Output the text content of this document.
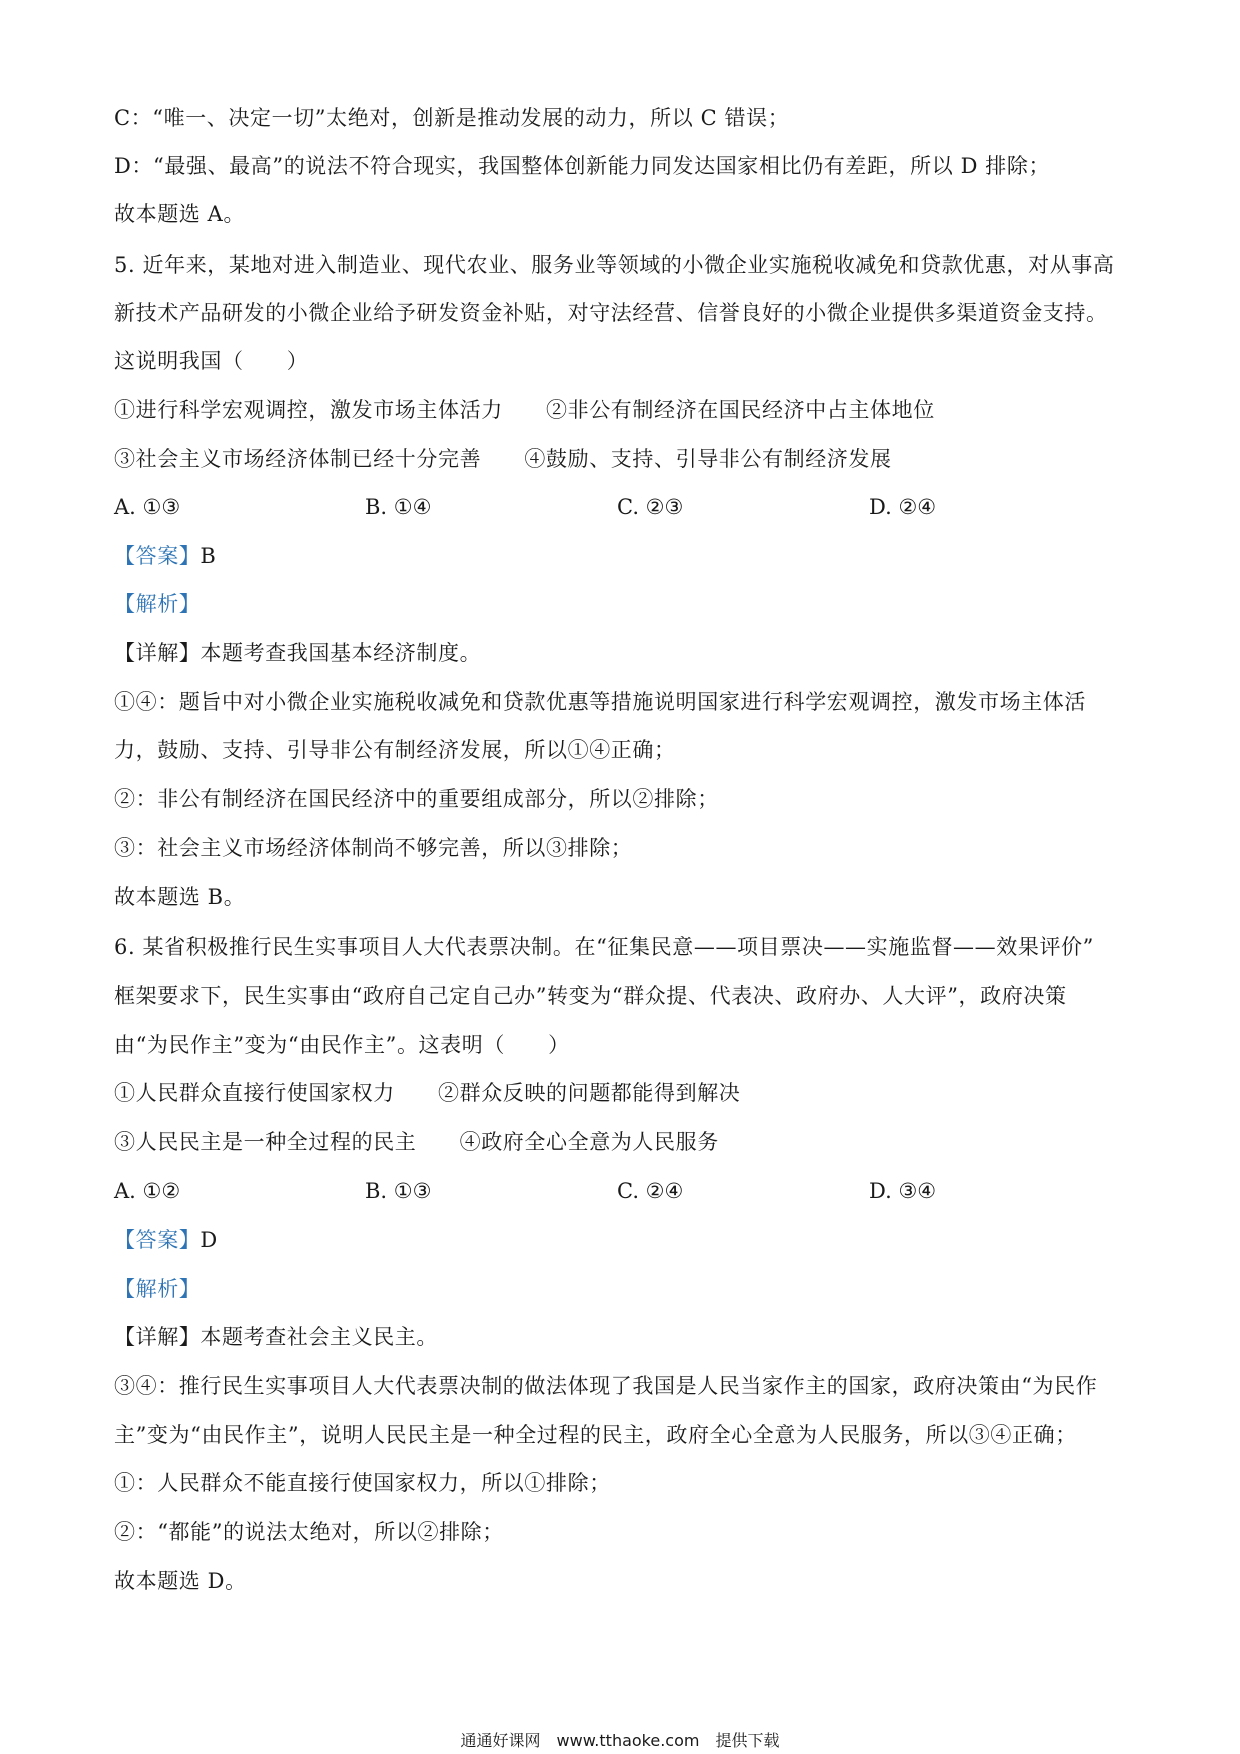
C：“唯一、决定一切”太绝对，创新是推动发展的动力，所以 C 错误；
D：“最强、最高”的说法不符合现实，我国整体创新能力同发达国家相比仍有差距，所以 D 排除；
故本题选 A。
5. 近年来，某地对进入制造业、现代农业、服务业等领域的小微企业实施税收减免和贷款优惠，对从事高
新技术产品研发的小微企业给予研发资金补贴，对守法经营、信誉良好的小微企业提供多渠道资金支持。
这说明我国（　　）
①进行科学宏观调控，激发市场主体活力　　②非公有制经济在国民经济中占主体地位
③社会主义市场经济体制已经十分完善　　④鼓励、支持、引导非公有制经济发展
A. ①③	B. ①④	C. ②③	D. ②④
【答案】B
【解析】
【详解】本题考查我国基本经济制度。
①④：题旨中对小微企业实施税收减免和贷款优惠等措施说明国家进行科学宏观调控，激发市场主体活
力，鼓励、支持、引导非公有制经济发展，所以①④正确；
②：非公有制经济在国民经济中的重要组成部分，所以②排除；
③：社会主义市场经济体制尚不够完善，所以③排除；
故本题选 B。
6. 某省积极推行民生实事项目人大代表票决制。在“征集民意——项目票决——实施监督——效果评价”
框架要求下，民生实事由“政府自己定自己办”转变为“群众提、代表决、政府办、人大评”，政府决策
由“为民作主”变为“由民作主”。这表明（　　）
①人民群众直接行使国家权力　　②群众反映的问题都能得到解决
③人民民主是一种全过程的民主　　④政府全心全意为人民服务
A. ①②	B. ①③	C. ②④	D. ③④
【答案】D
【解析】
【详解】本题考查社会主义民主。
③④：推行民生实事项目人大代表票决制的做法体现了我国是人民当家作主的国家，政府决策由“为民作
主”变为“由民作主”，说明人民民主是一种全过程的民主，政府全心全意为人民服务，所以③④正确；
①：人民群众不能直接行使国家权力，所以①排除；
②：“都能”的说法太绝对，所以②排除；
故本题选 D。
通通好课网　www.tthaoke.com　提供下载
